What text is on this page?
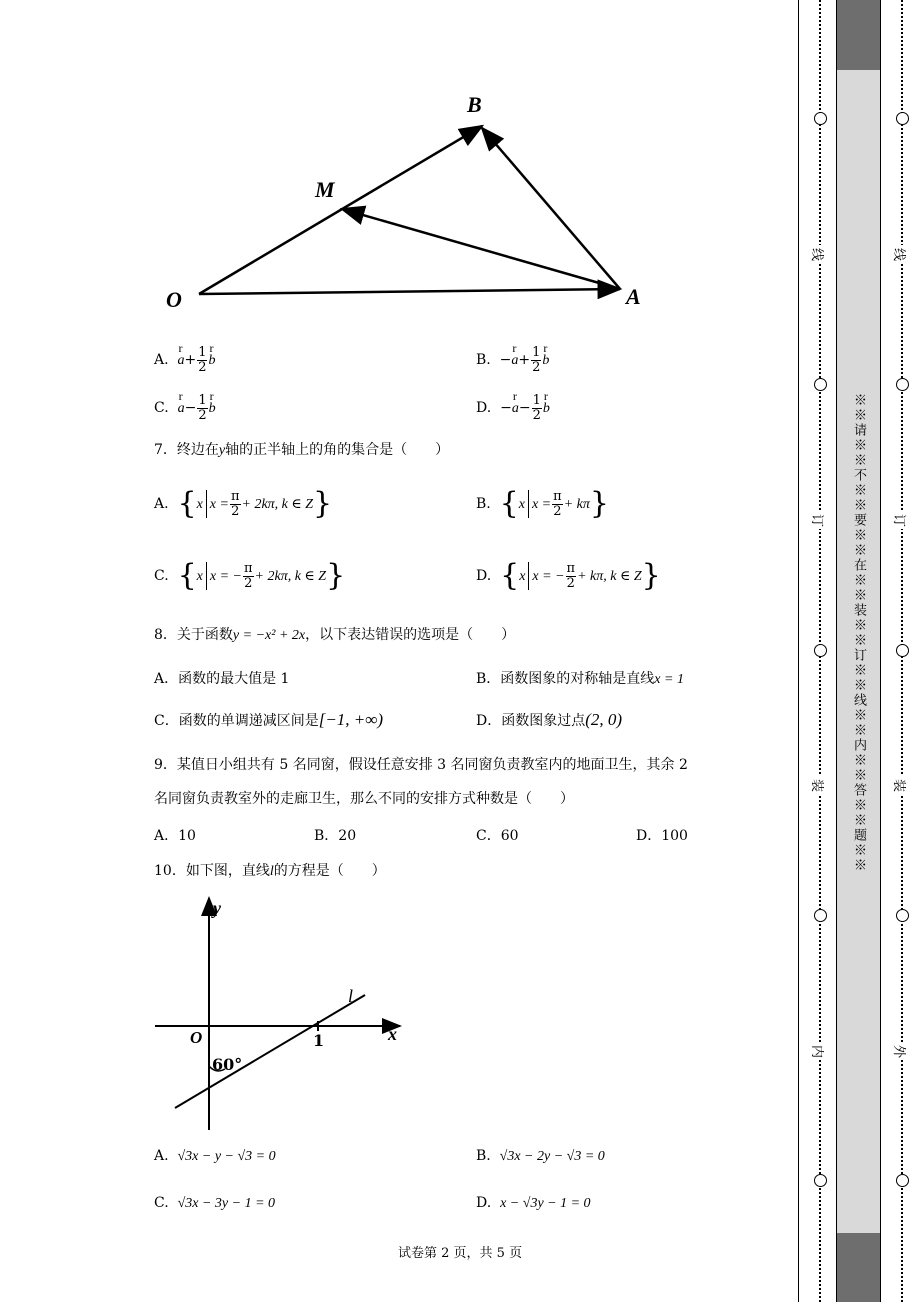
B
M
O	A
A. r $a+ \frac{1}{2}$ r b	B. −r $a+ \frac{1}{2}$ r b
C. r $a- \frac{1}{2}$ r b	D. −r $a- \frac{1}{2}$ r b
7．终边在y轴的正半轴上的角的集合是（　　）
A. {x $x = \frac{\pi}{2} + 2k\pi$, k ∈ Z}	B. {x $x = \frac{\pi}{2} + k\pi$}
C. {x x = − $\frac{\pi}{2} + 2k\pi$, k ∈ Z}	D. {x x = − $\frac{\pi}{2} + k\pi$, k ∈ Z}
8．关于函数y = −x² + 2x，以下表达错误的选项是（　　）
A．函数的最大值是 1	B．函数图象的对称轴是直线x = 1
C．函数的单调递减区间是[−1, +∞)	D．函数图象过点(2, 0)
9．某值日小组共有 5 名同窗，假设任意安排 3 名同窗负责教室内的地面卫生，其余 2
名同窗负责教室外的走廊卫生，那么不同的安排方式种数是（　　）
A．10	B．20	C．60	D．100
10．如下图，直线l的方程是（　　）
y
x
O	1
l
60°
A. √3x − y − √3 = 0	B. √3x − 2y − √3 = 0
C. √3x − 3y − 1 = 0	D. x − √3y − 1 = 0
试卷第 2 页，共 5 页
※※请※※不※※要※※在※※装※※订※※线※※内※※答※※题※※
线
订
装
内
线
订
装
外
